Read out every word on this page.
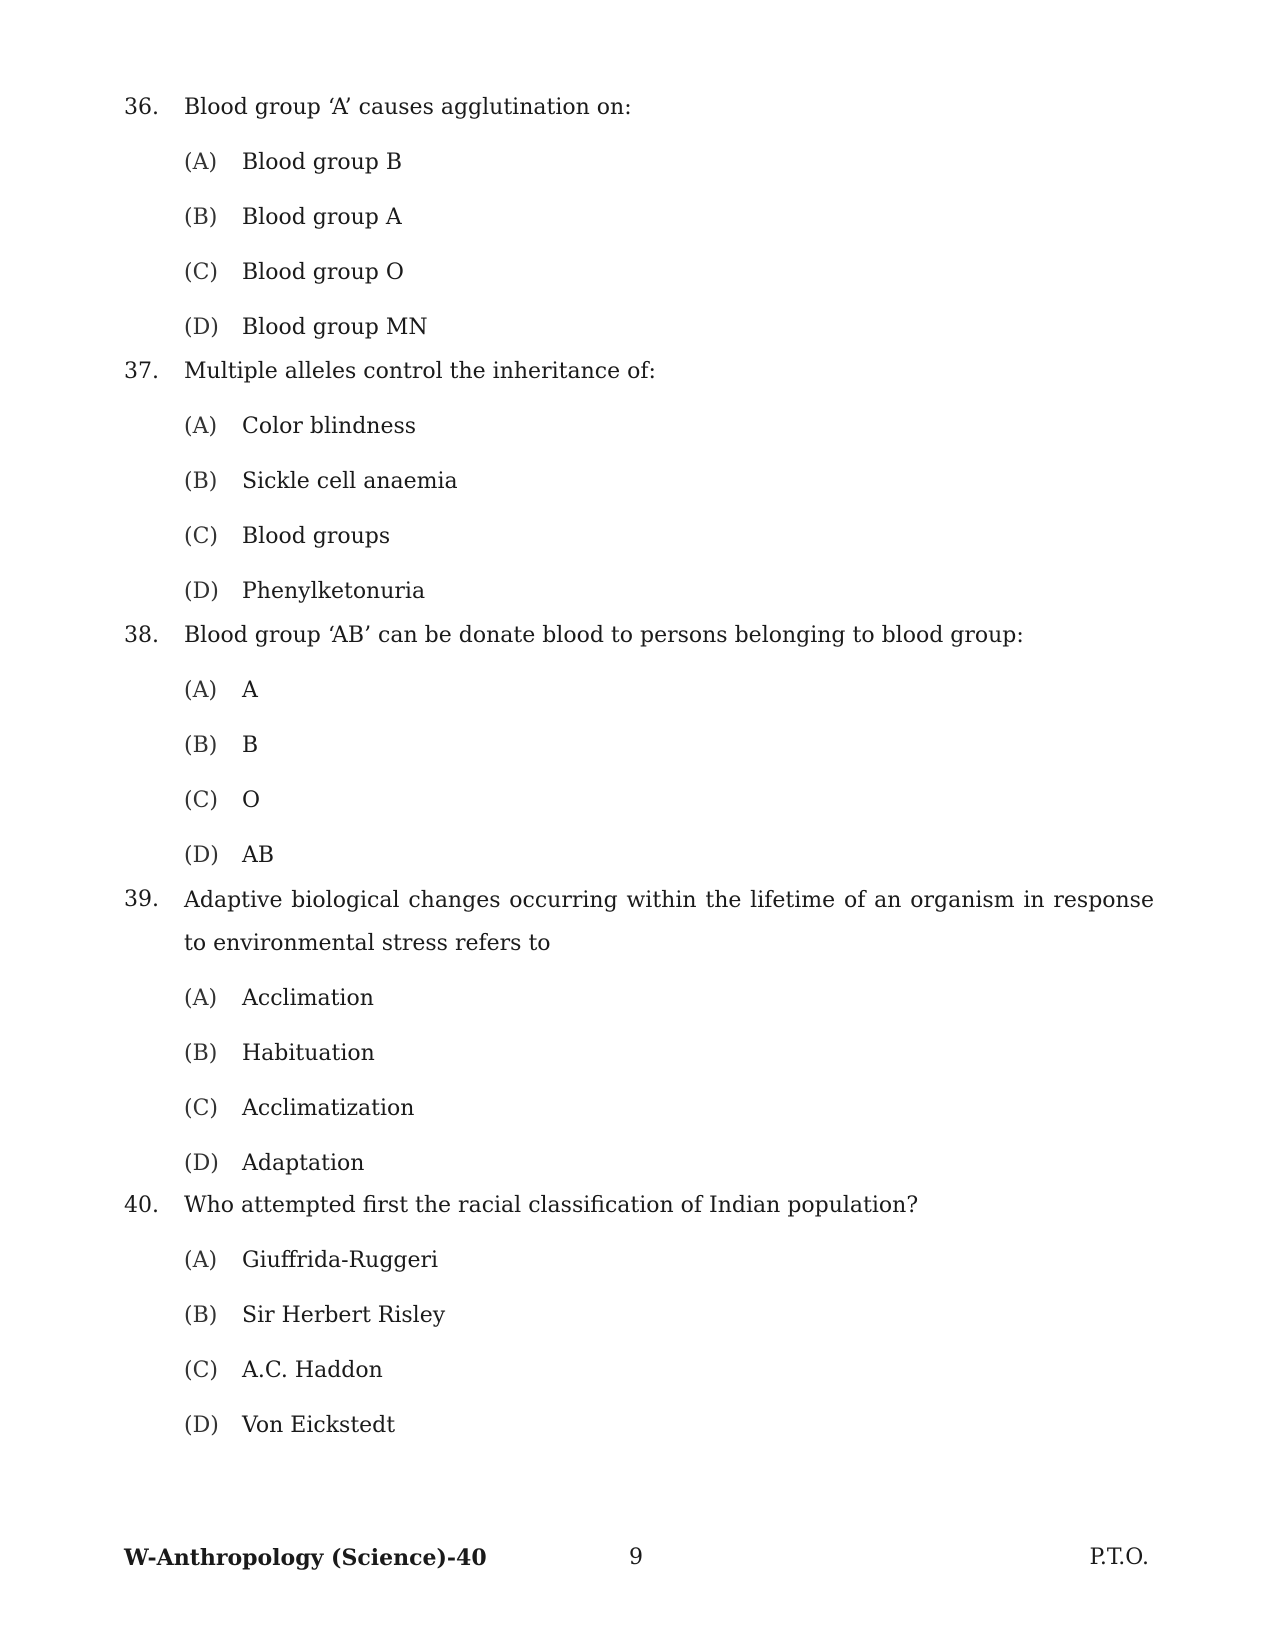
36.	Blood group ‘A’ causes agglutination on:
(A)	Blood group B
(B)	Blood group A
(C)	Blood group O
(D)	Blood group MN
37.	Multiple alleles control the inheritance of:
(A)	Color blindness
(B)	Sickle cell anaemia
(C)	Blood groups
(D)	Phenylketonuria
38.	Blood group ‘AB’ can be donate blood to persons belonging to blood group:
(A)	A
(B)	B
(C)	O
(D)	AB
39.	Adaptive biological changes occurring within the lifetime of an organism in response to environmental stress refers to
(A)	Acclimation
(B)	Habituation
(C)	Acclimatization
(D)	Adaptation
40.	Who attempted first the racial classification of Indian population?
(A)	Giuffrida-Ruggeri
(B)	Sir Herbert Risley
(C)	A.C. Haddon
(D)	Von Eickstedt
W-Anthropology (Science)-40	9	P.T.O.
